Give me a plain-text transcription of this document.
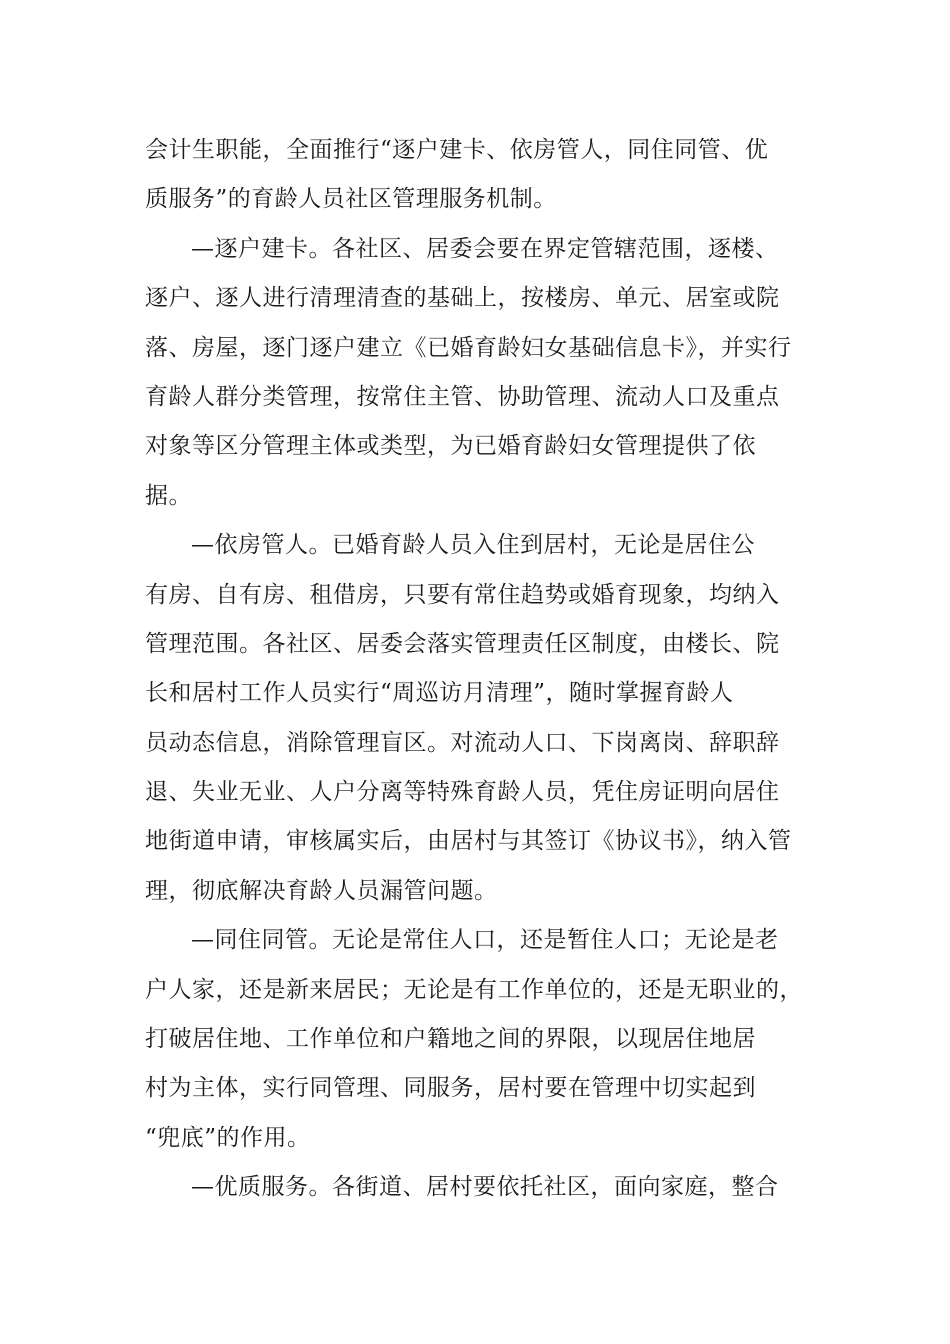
会计生职能，全面推行“逐户建卡、依房管人，同住同管、优
质服务”的育龄人员社区管理服务机制。
—逐户建卡。各社区、居委会要在界定管辖范围，逐楼、
逐户、逐人进行清理清查的基础上，按楼房、单元、居室或院
落、房屋，逐门逐户建立《已婚育龄妇女基础信息卡》，并实行
育龄人群分类管理，按常住主管、协助管理、流动人口及重点
对象等区分管理主体或类型，为已婚育龄妇女管理提供了依
据。
—依房管人。已婚育龄人员入住到居村，无论是居住公
有房、自有房、租借房，只要有常住趋势或婚育现象，均纳入
管理范围。各社区、居委会落实管理责任区制度，由楼长、院
长和居村工作人员实行“周巡访月清理”，随时掌握育龄人
员动态信息，消除管理盲区。对流动人口、下岗离岗、辞职辞
退、失业无业、人户分离等特殊育龄人员，凭住房证明向居住
地街道申请，审核属实后，由居村与其签订《协议书》，纳入管
理，彻底解决育龄人员漏管问题。
—同住同管。无论是常住人口，还是暂住人口；无论是老
户人家，还是新来居民；无论是有工作单位的，还是无职业的，
打破居住地、工作单位和户籍地之间的界限，以现居住地居
村为主体，实行同管理、同服务，居村要在管理中切实起到
“兜底”的作用。
—优质服务。各街道、居村要依托社区，面向家庭，整合
